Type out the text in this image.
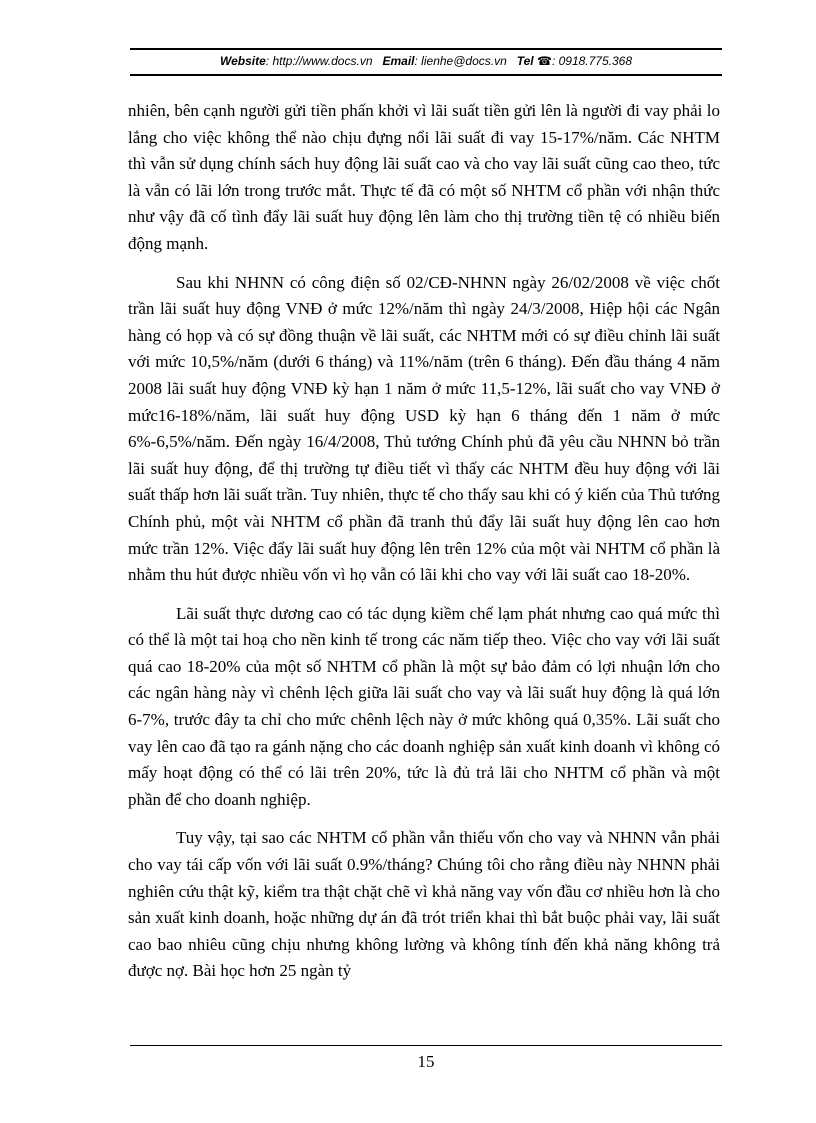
Website: http://www.docs.vn Email: lienhe@docs.vn Tel ☎: 0918.775.368

nhiên, bên cạnh người gửi tiền phấn khởi vì lãi suất tiền gửi lên là người đi vay phải lo lắng cho việc không thể nào chịu đựng nổi lãi suất đi vay 15-17%/năm. Các NHTM thì vẫn sử dụng chính sách huy động lãi suất cao và cho vay lãi suất cũng cao theo, tức là vẫn có lãi lớn trong trước mắt. Thực tế đã có một số NHTM cổ phần với nhận thức như vậy đã cố tình đẩy lãi suất huy động lên làm cho thị trường tiền tệ có nhiều biến động mạnh.

Sau khi NHNN có công điện số 02/CĐ-NHNN ngày 26/02/2008 về việc chốt trần lãi suất huy động VNĐ ở mức 12%/năm thì ngày 24/3/2008, Hiệp hội các Ngân hàng có họp và có sự đồng thuận về lãi suất, các NHTM mới có sự điều chỉnh lãi suất với mức 10,5%/năm (dưới 6 tháng) và 11%/năm (trên 6 tháng). Đến đầu tháng 4 năm 2008 lãi suất huy động VNĐ kỳ hạn 1 năm ở mức 11,5-12%, lãi suất cho vay VNĐ ở mức16-18%/năm, lãi suất huy động USD kỳ hạn 6 tháng đến 1 năm ở mức 6%-6,5%/năm. Đến ngày 16/4/2008, Thủ tướng Chính phủ đã yêu cầu NHNN bỏ trần lãi suất huy động, để thị trường tự điều tiết vì thấy các NHTM đều huy động với lãi suất thấp hơn lãi suất trần. Tuy nhiên, thực tế cho thấy sau khi có ý kiến của Thủ tướng Chính phủ, một vài NHTM cổ phần đã tranh thủ đẩy lãi suất huy động lên cao hơn mức trần 12%. Việc đẩy lãi suất huy động lên trên 12% của một vài NHTM cổ phần là nhằm thu hút được nhiều vốn vì họ vẫn có lãi khi cho vay với lãi suất cao 18-20%.

Lãi suất thực dương cao có tác dụng kiềm chế lạm phát nhưng cao quá mức thì có thể là một tai hoạ cho nền kinh tế trong các năm tiếp theo. Việc cho vay với lãi suất quá cao 18-20% của một số NHTM cổ phần là một sự bảo đảm có lợi nhuận lớn cho các ngân hàng này vì chênh lệch giữa lãi suất cho vay và lãi suất huy động là quá lớn 6-7%, trước đây ta chỉ cho mức chênh lệch này ở mức không quá 0,35%. Lãi suất cho vay lên cao đã tạo ra gánh nặng cho các doanh nghiệp sản xuất kinh doanh vì không có mấy hoạt động có thể có lãi trên 20%, tức là đủ trả lãi cho NHTM cổ phần và một phần để cho doanh nghiệp.

Tuy vậy, tại sao các NHTM cổ phần vẫn thiếu vốn cho vay và NHNN vẫn phải cho vay tái cấp vốn với lãi suất 0.9%/tháng? Chúng tôi cho rằng điều này NHNN phải nghiên cứu thật kỹ, kiểm tra thật chặt chẽ vì khả năng vay vốn đầu cơ nhiều hơn là cho sản xuất kinh doanh, hoặc những dự án đã trót triển khai thì bắt buộc phải vay, lãi suất cao bao nhiêu cũng chịu nhưng không lường và không tính đến khả năng không trả được nợ. Bài học hơn 25 ngàn tỷ

15
